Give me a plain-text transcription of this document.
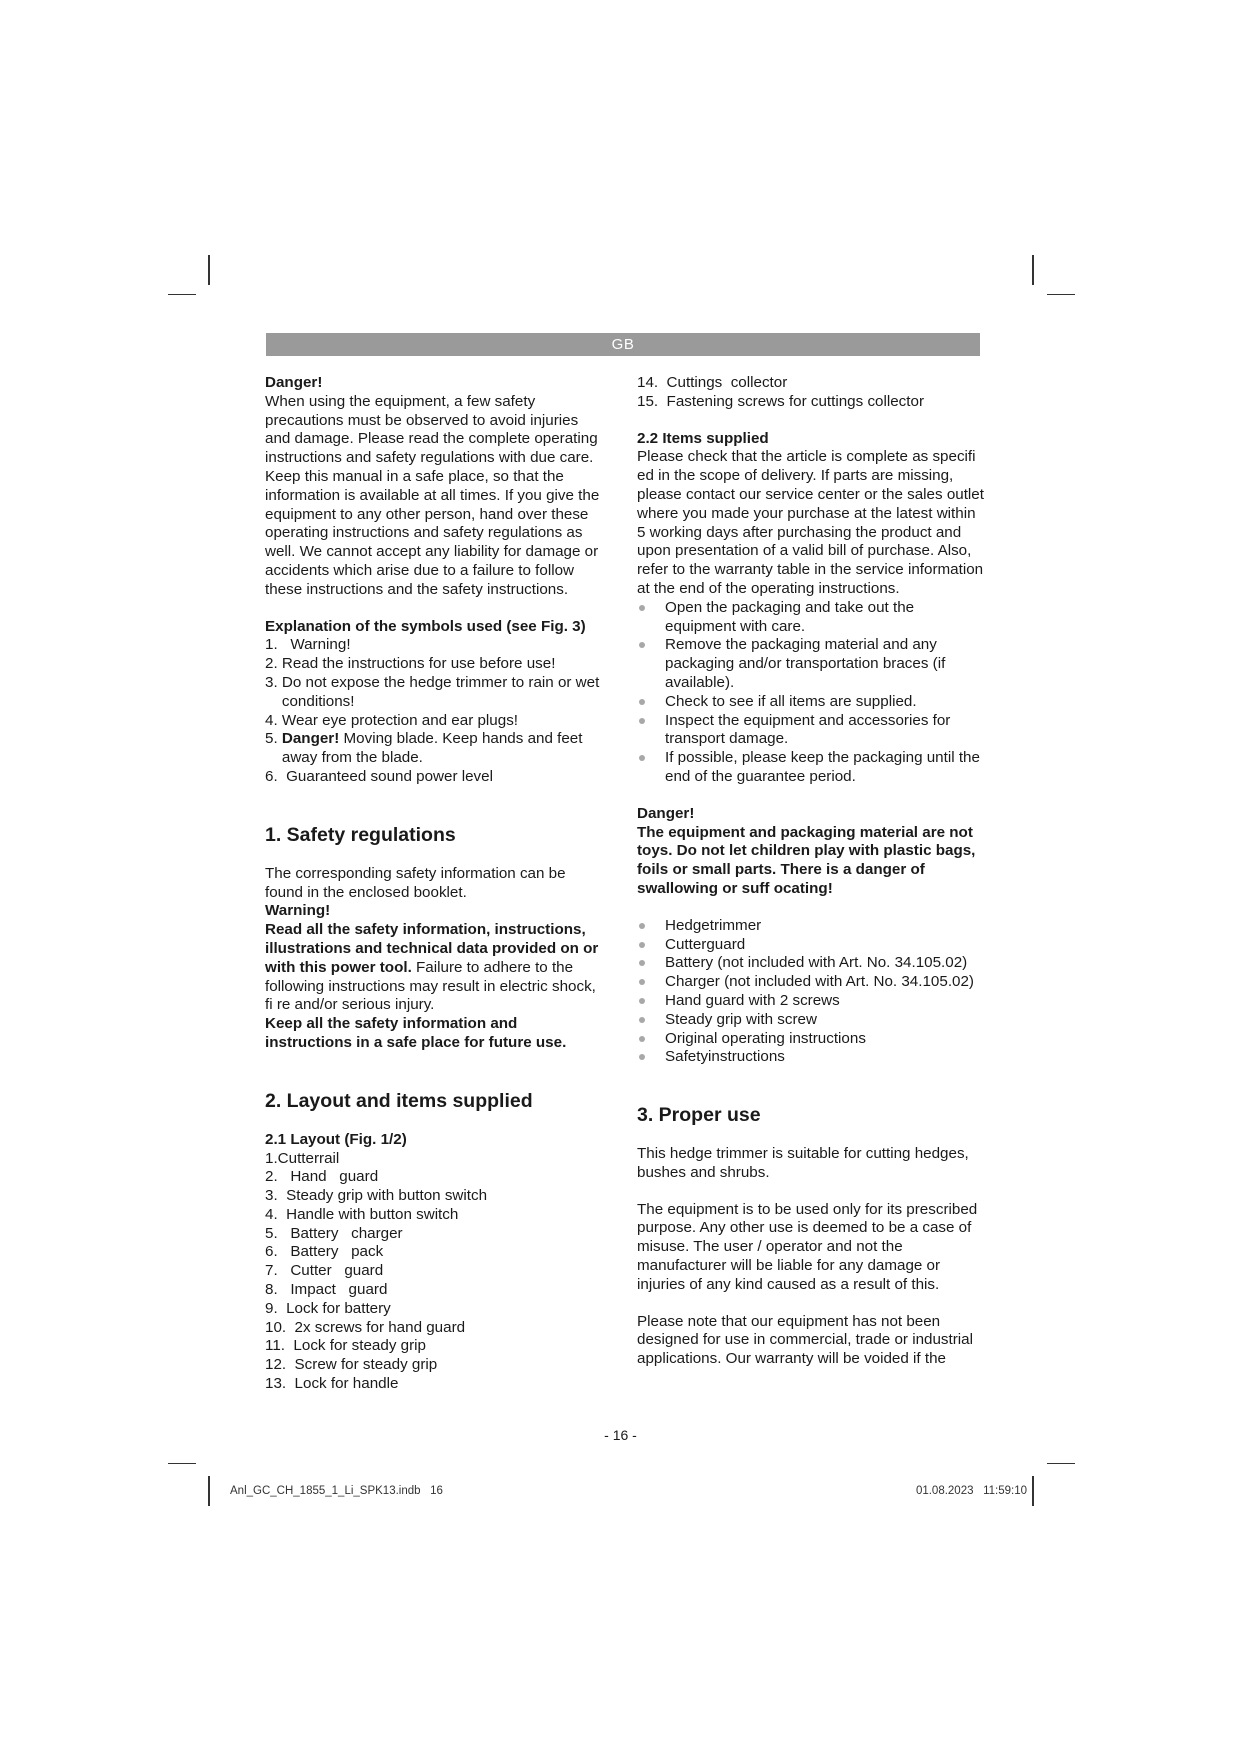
GB

Danger!

When using the equipment, a few safety precautions must be observed to avoid injuries and damage. Please read the complete operating instructions and safety regulations with due care. Keep this manual in a safe place, so that the information is available at all times. If you give the equipment to any other person, hand over these operating instructions and safety regulations as well. We cannot accept any liability for damage or accidents which arise due to a failure to follow these instructions and the safety instructions.

Explanation of the symbols used (see Fig. 3)

1. Warning!
2. Read the instructions for use before use!
3. Do not expose the hedge trimmer to rain or wet conditions!
4. Wear eye protection and ear plugs!
5. Danger! Moving blade. Keep hands and feet away from the blade.
6. Guaranteed sound power level

1. Safety regulations

The corresponding safety information can be found in the enclosed booklet.

Warning!

Read all the safety information, instructions, illustrations and technical data provided on or with this power tool. Failure to adhere to the following instructions may result in electric shock, fi re and/or serious injury.

Keep all the safety information and instructions in a safe place for future use.

2. Layout and items supplied

2.1 Layout (Fig. 1/2)

1.Cutterrail
2.   Hand   guard
3.  Steady grip with button switch
4.  Handle with button switch
5.   Battery   charger
6.   Battery   pack
7.   Cutter   guard
8.   Impact   guard
9.  Lock for battery
10.  2x screws for hand guard
11.  Lock for steady grip
12.  Screw for steady grip
13.  Lock for handle
14.  Cuttings  collector
15.  Fastening screws for cuttings collector

2.2 Items supplied

Please check that the article is complete as specifi ed in the scope of delivery. If parts are missing, please contact our service center or the sales outlet where you made your purchase at the latest within 5 working days after purchasing the product and upon presentation of a valid bill of purchase. Also, refer to the warranty table in the service information at the end of the operating instructions.

Open the packaging and take out the equipment with care.
Remove the packaging material and any packaging and/or transportation braces (if available).
Check to see if all items are supplied.
Inspect the equipment and accessories for transport damage.
If possible, please keep the packaging until the end of the guarantee period.

Danger!

The equipment and packaging material are not toys. Do not let children play with plastic bags, foils or small parts. There is a danger of swallowing or suff ocating!

Hedgetrimmer
Cutterguard
Battery (not included with Art. No. 34.105.02)
Charger (not included with Art. No. 34.105.02)
Hand guard with 2 screws
Steady grip with screw
Original operating instructions
Safetyinstructions

3. Proper use

This hedge trimmer is suitable for cutting hedges, bushes and shrubs.

The equipment is to be used only for its prescribed purpose. Any other use is deemed to be a case of misuse. The user / operator and not the manufacturer will be liable for any damage or injuries of any kind caused as a result of this.

Please note that our equipment has not been designed for use in commercial, trade or industrial applications. Our warranty will be voided if the

- 16 -
Anl_GC_CH_1855_1_Li_SPK13.indb   16	01.08.2023   11:59:10
